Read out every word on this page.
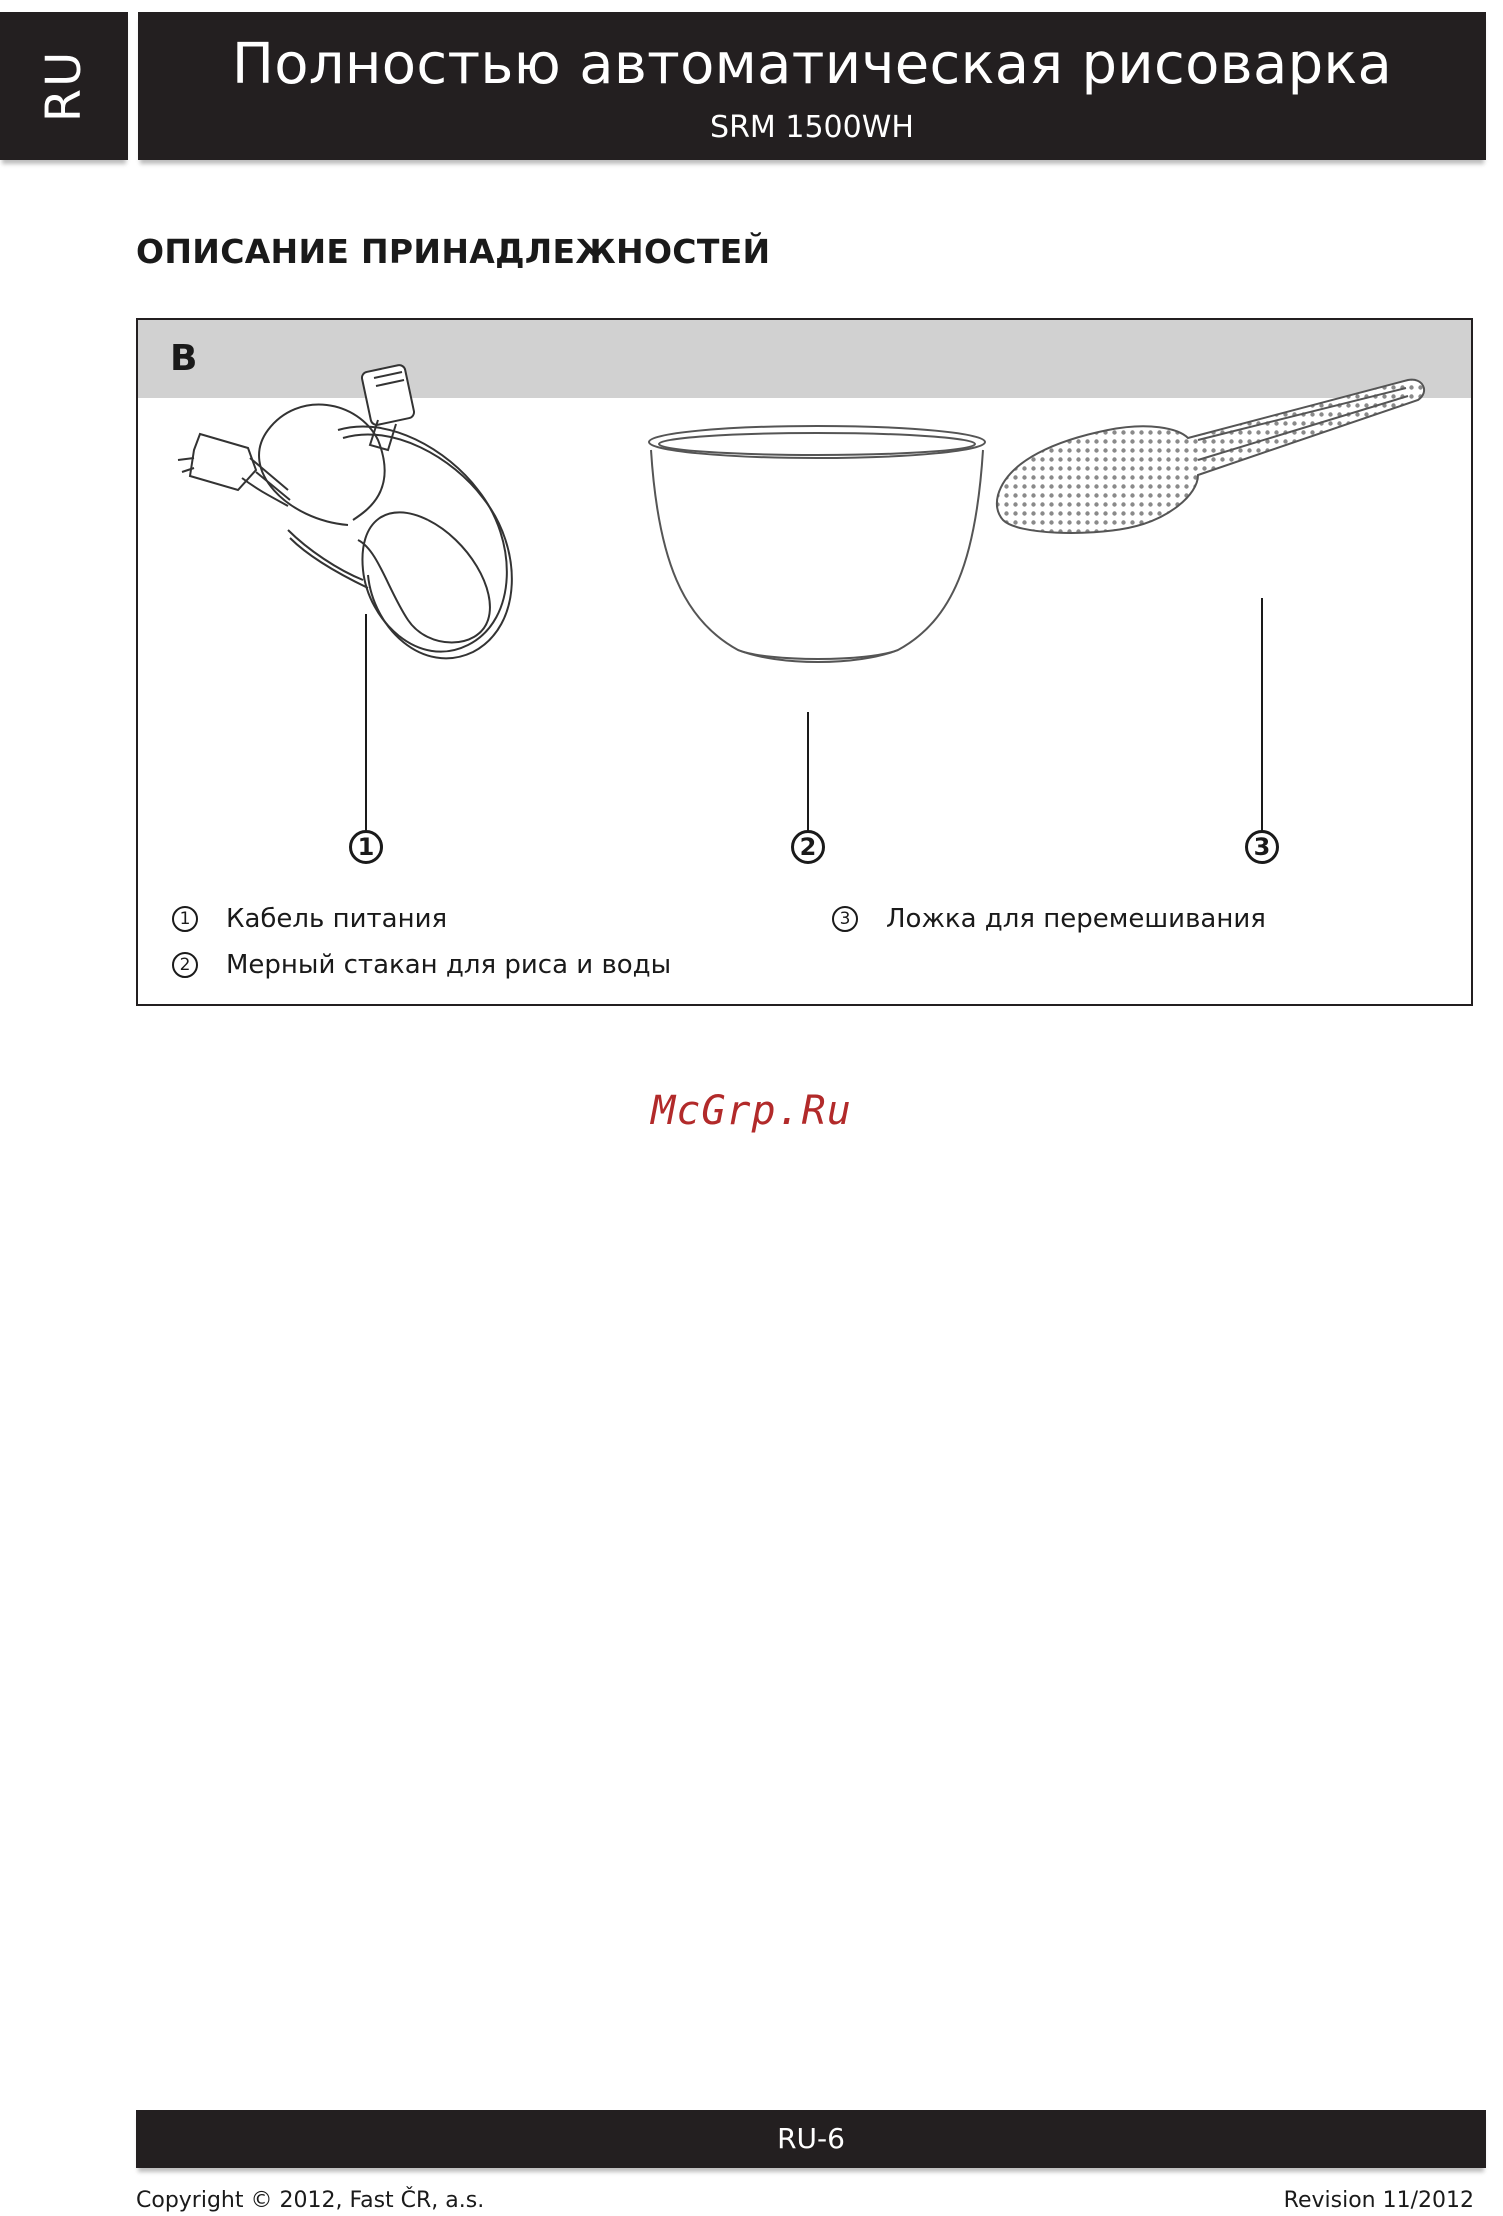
RU	Полностью автоматическая рисоварка
SRM 1500WH
ОПИСАНИЕ ПРИНАДЛЕЖНОСТЕЙ
B
1	2	3
1 Кабель питания
2 Мерный стакан для риса и воды
3 Ложка для перемешивания
McGrp.Ru
RU-6
Copyright © 2012, Fast ČR, a.s.	Revision 11/2012
